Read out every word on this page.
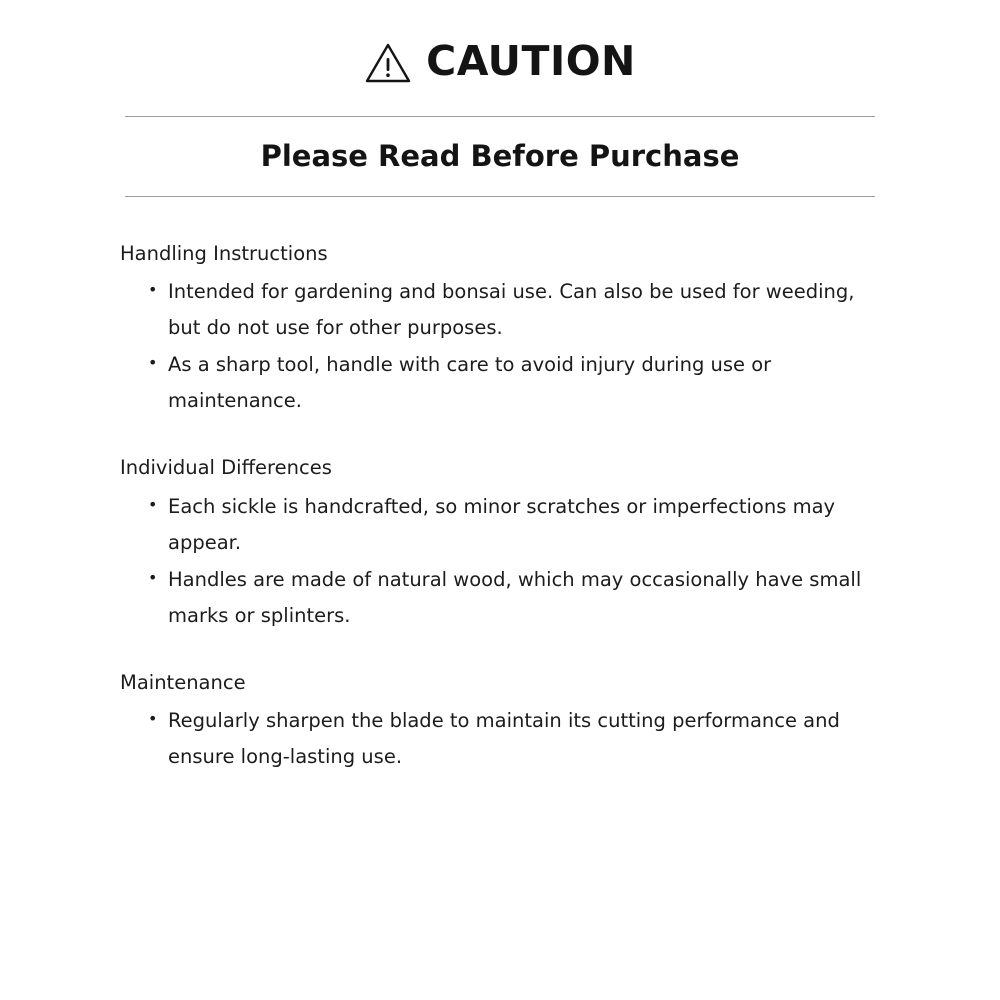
CAUTION
Please Read Before Purchase
Handling Instructions
• Intended for gardening and bonsai use. Can also be used for weeding, but do not use for other purposes.
• As a sharp tool, handle with care to avoid injury during use or maintenance.
Individual Differences
• Each sickle is handcrafted, so minor scratches or imperfections may appear.
• Handles are made of natural wood, which may occasionally have small marks or splinters.
Maintenance
• Regularly sharpen the blade to maintain its cutting performance and ensure long-lasting use.
